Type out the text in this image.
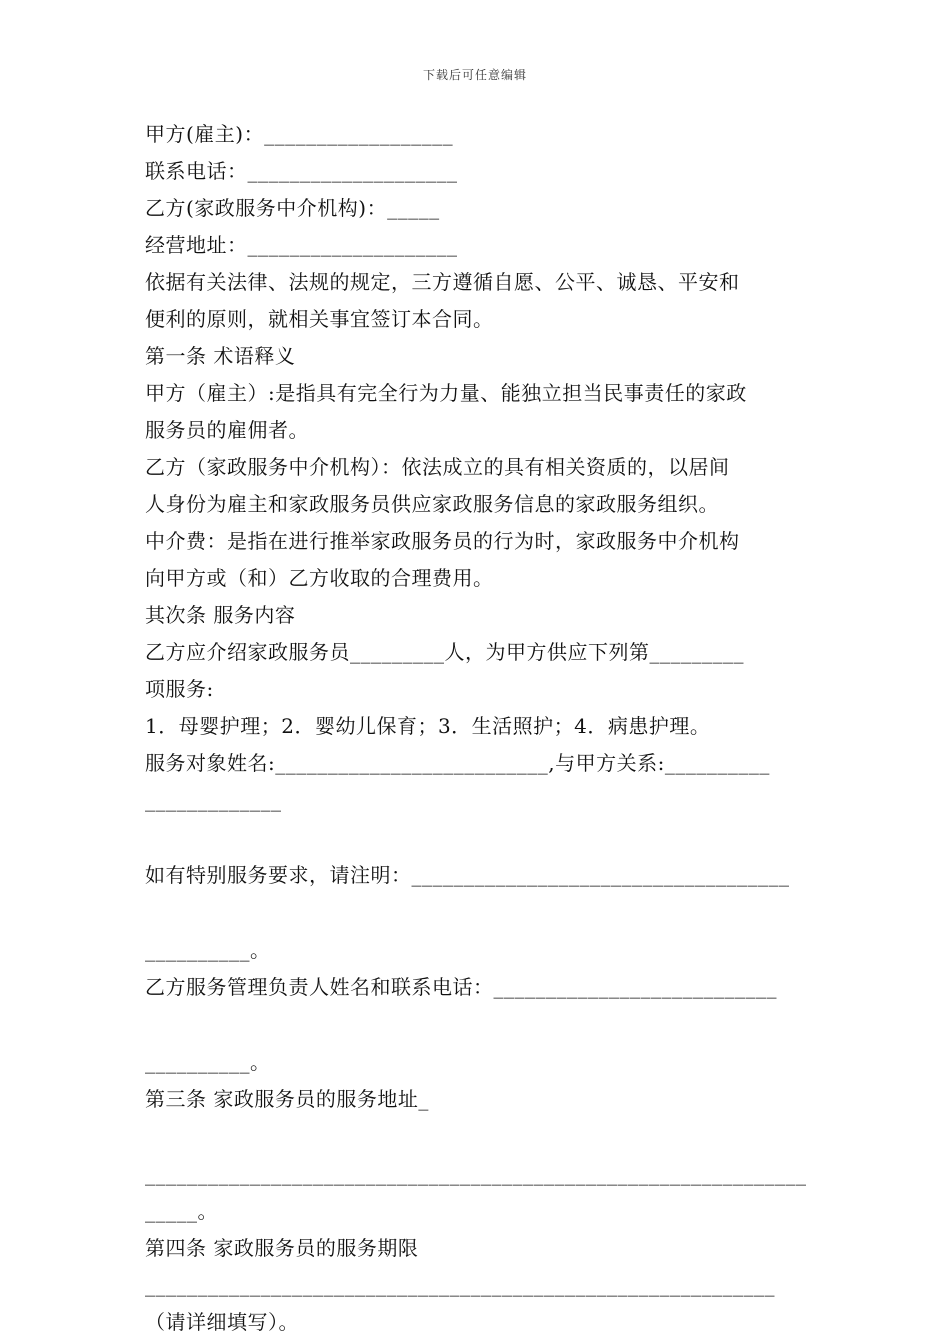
下载后可任意编辑
甲方(雇主)：__________________
联系电话：____________________
乙方(家政服务中介机构)：_____
经营地址：____________________
依据有关法律、法规的规定，三方遵循自愿、公平、诚恳、平安和
便利的原则，就相关事宜签订本合同。
第一条 术语释义
甲方（雇主）:是指具有完全行为力量、能独立担当民事责任的家政
服务员的雇佣者。
乙方（家政服务中介机构）：依法成立的具有相关资质的，以居间
人身份为雇主和家政服务员供应家政服务信息的家政服务组织。
中介费：是指在进行推举家政服务员的行为时，家政服务中介机构
向甲方或（和）乙方收取的合理费用。
其次条 服务内容
乙方应介绍家政服务员_________人，为甲方供应下列第_________
项服务:
1．母婴护理；2．婴幼儿保育；3．生活照护；4．病患护理。
服务对象姓名:__________________________,与甲方关系:__________
_____________
如有特别服务要求，请注明：____________________________________
__________。
乙方服务管理负责人姓名和联系电话：___________________________
__________。
第三条 家政服务员的服务地址_
_______________________________________________________________
_____。
第四条 家政服务员的服务期限
____________________________________________________________
（请详细填写）。
